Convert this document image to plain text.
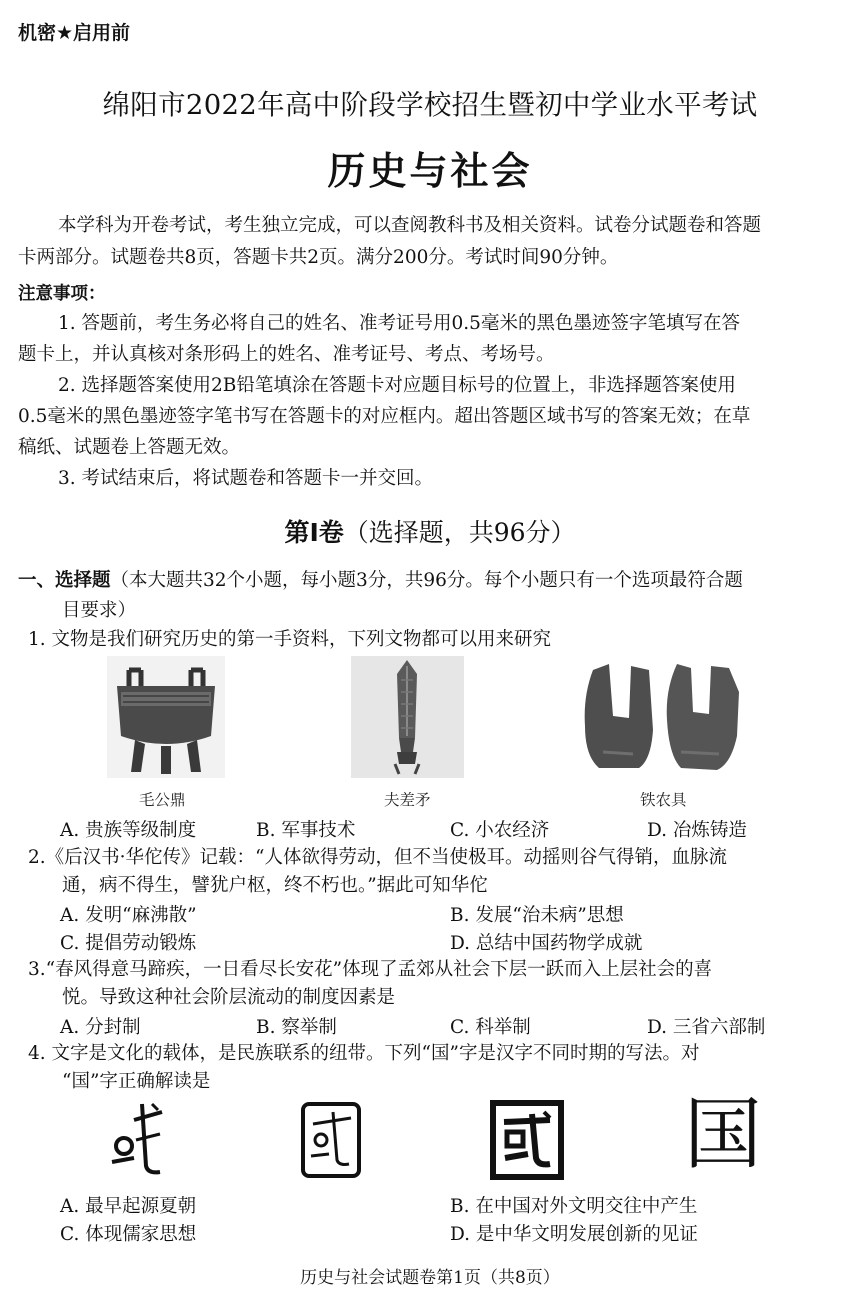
机密★启用前
绵阳市2022年高中阶段学校招生暨初中学业水平考试
历史与社会
本学科为开卷考试，考生独立完成，可以查阅教科书及相关资料。试卷分试题卷和答题
卡两部分。试题卷共8页，答题卡共2页。满分200分。考试时间90分钟。
注意事项：
1. 答题前，考生务必将自己的姓名、准考证号用0.5毫米的黑色墨迹签字笔填写在答
题卡上，并认真核对条形码上的姓名、准考证号、考点、考场号。
2. 选择题答案使用2B铅笔填涂在答题卡对应题目标号的位置上，非选择题答案使用
0.5毫米的黑色墨迹签字笔书写在答题卡的对应框内。超出答题区域书写的答案无效；在草
稿纸、试题卷上答题无效。
3. 考试结束后，将试题卷和答题卡一并交回。
第Ⅰ卷（选择题，共96分）
一、选择题（本大题共32个小题，每小题3分，共96分。每个小题只有一个选项最符合题
目要求）
1. 文物是我们研究历史的第一手资料，下列文物都可以用来研究
毛公鼎	夫差矛	铁农具
A. 贵族等级制度	B. 军事技术	C. 小农经济	D. 冶炼铸造
2.《后汉书·华佗传》记载：“人体欲得劳动，但不当使极耳。动摇则谷气得销，血脉流
通，病不得生，譬犹户枢，终不朽也。”据此可知华佗
A. 发明“麻沸散”	B. 发展“治未病”思想
C. 提倡劳动锻炼	D. 总结中国药物学成就
3.“春风得意马蹄疾，一日看尽长安花”体现了孟郊从社会下层一跃而入上层社会的喜
悦。导致这种社会阶层流动的制度因素是
A. 分封制	B. 察举制	C. 科举制	D. 三省六部制
4. 文字是文化的载体，是民族联系的纽带。下列“国”字是汉字不同时期的写法。对
“国”字正确解读是
国
A. 最早起源夏朝	B. 在中国对外文明交往中产生
C. 体现儒家思想	D. 是中华文明发展创新的见证
历史与社会试题卷第1页（共8页）
